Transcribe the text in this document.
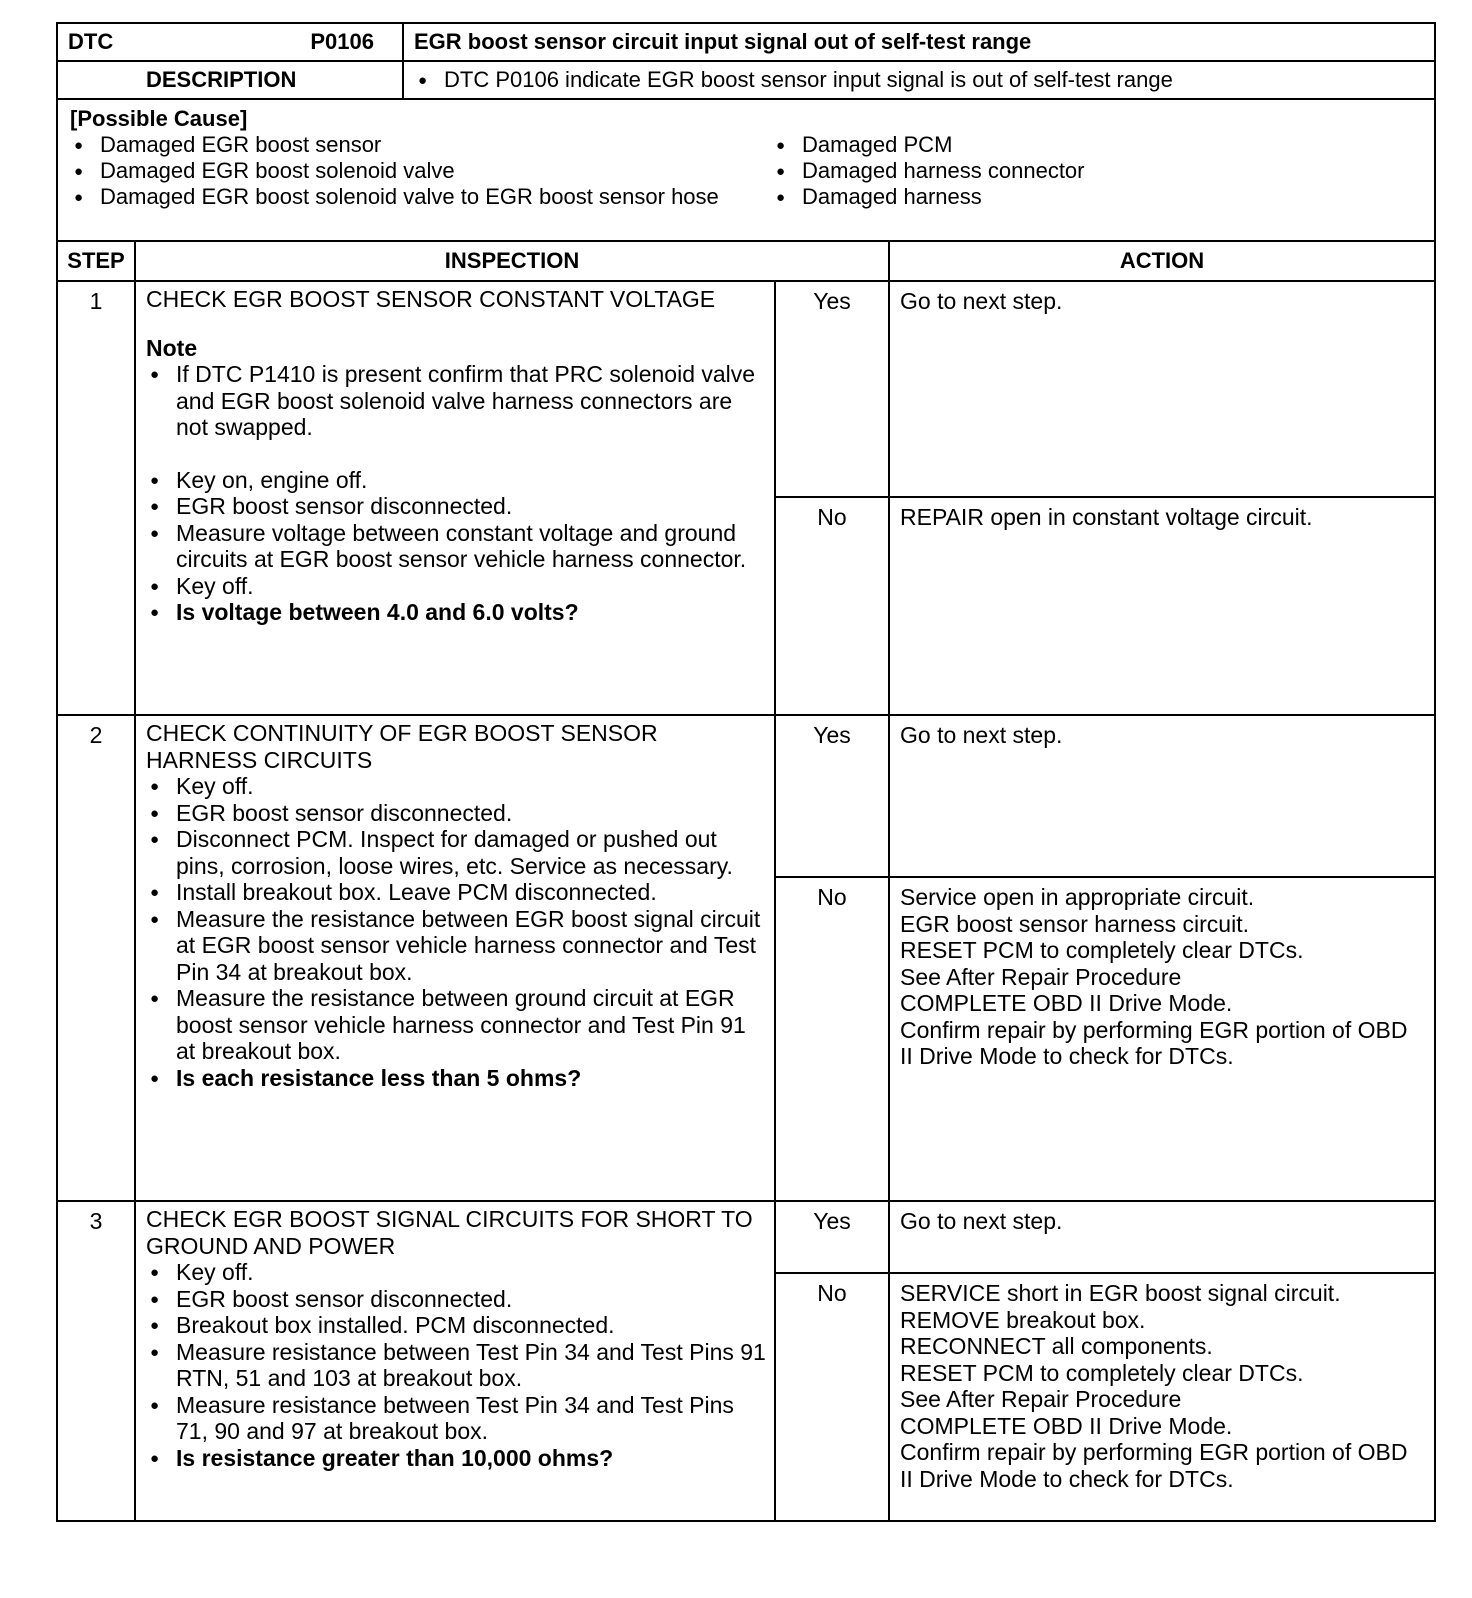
DTC	P0106	EGR boost sensor circuit input signal out of self-test range
DESCRIPTION
●	DTC P0106 indicate EGR boost sensor input signal is out of self-test range
[Possible Cause]
● Damaged EGR boost sensor
● Damaged EGR boost solenoid valve
● Damaged EGR boost solenoid valve to EGR boost sensor hose
● Damaged PCM
● Damaged harness connector
● Damaged harness
STEP	INSPECTION	ACTION
1	CHECK EGR BOOST SENSOR CONSTANT VOLTAGE
Note
● If DTC P1410 is present confirm that PRC solenoid valve and EGR boost solenoid valve harness connectors are not swapped.
● Key on, engine off.
● EGR boost sensor disconnected.
● Measure voltage between constant voltage and ground circuits at EGR boost sensor vehicle harness connector.
● Key off.
● Is voltage between 4.0 and 6.0 volts?
Yes	Go to next step.
No	REPAIR open in constant voltage circuit.
2	CHECK CONTINUITY OF EGR BOOST SENSOR HARNESS CIRCUITS
● Key off.
● EGR boost sensor disconnected.
● Disconnect PCM. Inspect for damaged or pushed out pins, corrosion, loose wires, etc. Service as necessary.
● Install breakout box. Leave PCM disconnected.
● Measure the resistance between EGR boost signal circuit at EGR boost sensor vehicle harness connector and Test Pin 34 at breakout box.
● Measure the resistance between ground circuit at EGR boost sensor vehicle harness connector and Test Pin 91 at breakout box.
● Is each resistance less than 5 ohms?
Yes	Go to next step.
No	Service open in appropriate circuit.
EGR boost sensor harness circuit.
RESET PCM to completely clear DTCs.
See After Repair Procedure
COMPLETE OBD II Drive Mode.
Confirm repair by performing EGR portion of OBD II Drive Mode to check for DTCs.
3	CHECK EGR BOOST SIGNAL CIRCUITS FOR SHORT TO GROUND AND POWER
● Key off.
● EGR boost sensor disconnected.
● Breakout box installed. PCM disconnected.
● Measure resistance between Test Pin 34 and Test Pins 91 RTN, 51 and 103 at breakout box.
● Measure resistance between Test Pin 34 and Test Pins 71, 90 and 97 at breakout box.
● Is resistance greater than 10,000 ohms?
Yes	Go to next step.
No	SERVICE short in EGR boost signal circuit.
REMOVE breakout box.
RECONNECT all components.
RESET PCM to completely clear DTCs.
See After Repair Procedure
COMPLETE OBD II Drive Mode.
Confirm repair by performing EGR portion of OBD II Drive Mode to check for DTCs.
